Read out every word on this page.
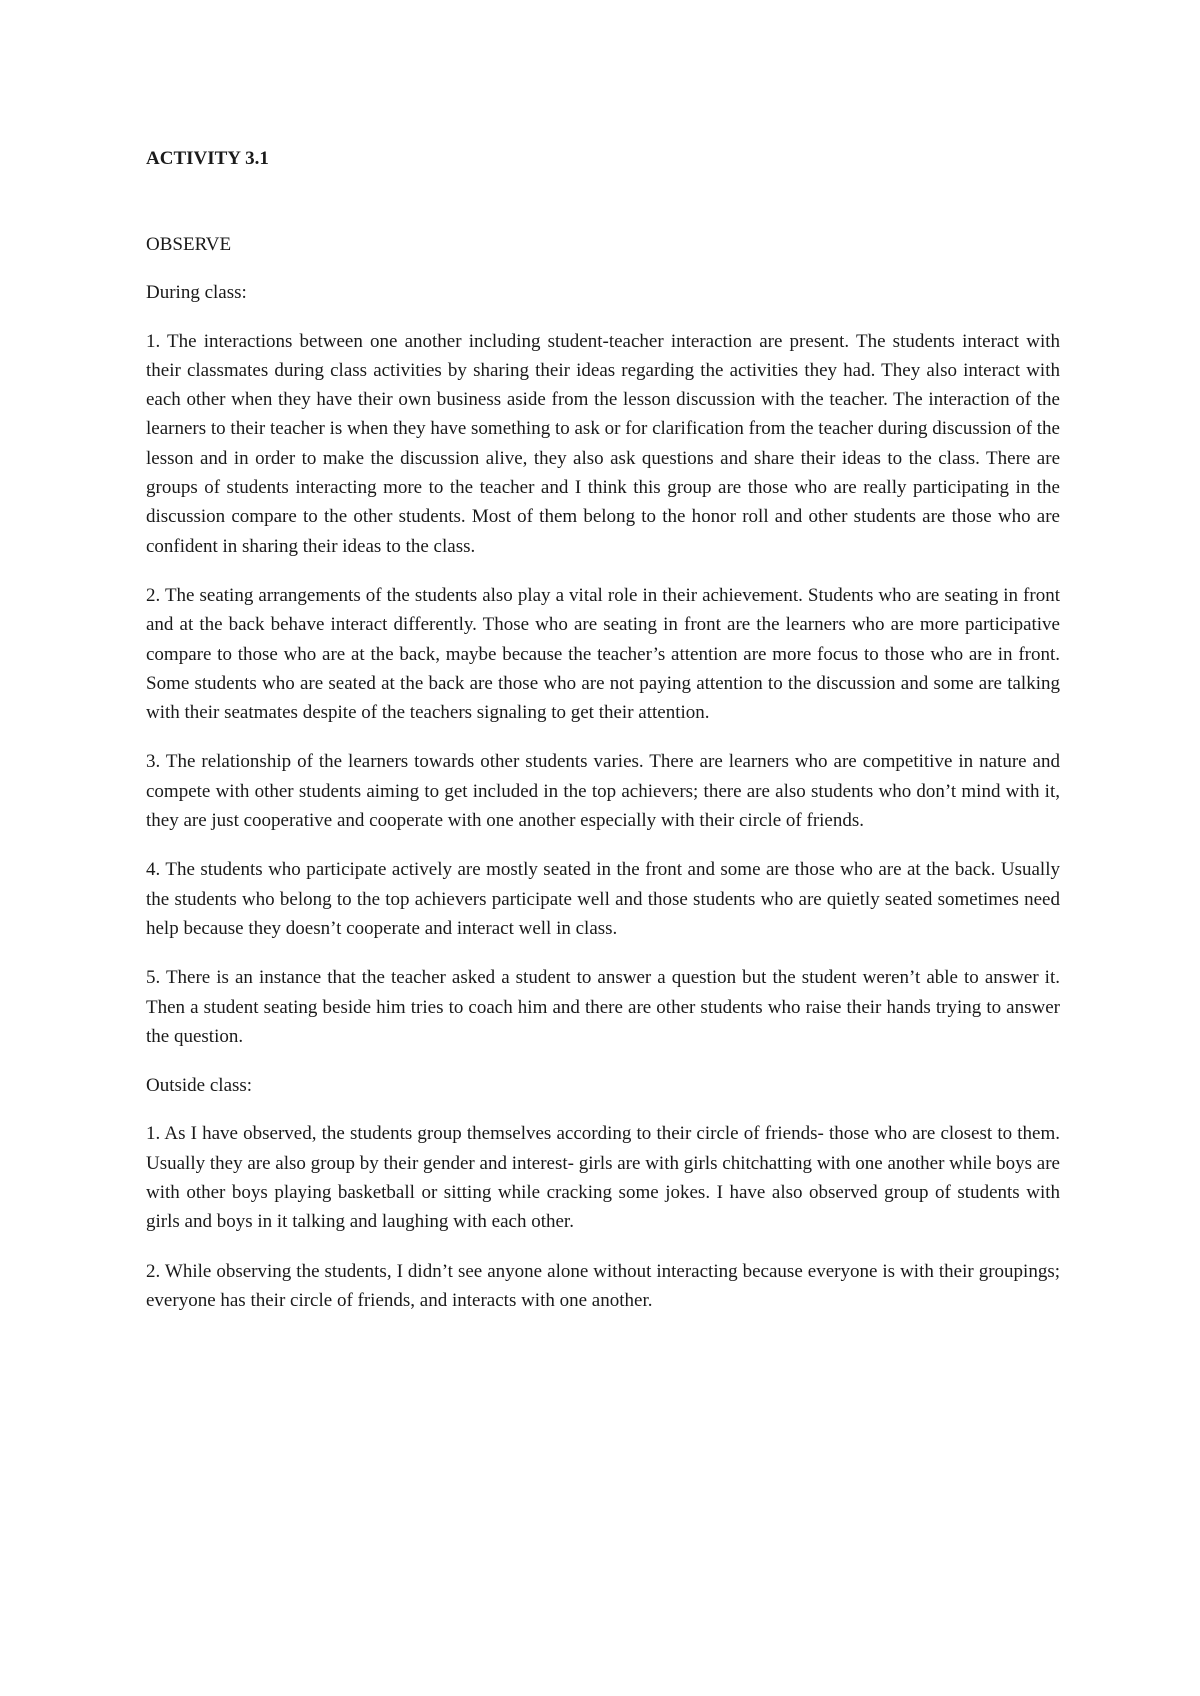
ACTIVITY 3.1

OBSERVE

During class:

1. The interactions between one another including student-teacher interaction are present. The students interact with their classmates during class activities by sharing their ideas regarding the activities they had. They also interact with each other when they have their own business aside from the lesson discussion with the teacher. The interaction of the learners to their teacher is when they have something to ask or for clarification from the teacher during discussion of the lesson and in order to make the discussion alive, they also ask questions and share their ideas to the class. There are groups of students interacting more to the teacher and I think this group are those who are really participating in the discussion compare to the other students. Most of them belong to the honor roll and other students are those who are confident in sharing their ideas to the class.

2. The seating arrangements of the students also play a vital role in their achievement. Students who are seating in front and at the back behave interact differently. Those who are seating in front are the learners who are more participative compare to those who are at the back, maybe because the teacher’s attention are more focus to those who are in front. Some students who are seated at the back are those who are not paying attention to the discussion and some are talking with their seatmates despite of the teachers signaling to get their attention.

3. The relationship of the learners towards other students varies. There are learners who are competitive in nature and compete with other students aiming to get included in the top achievers; there are also students who don’t mind with it, they are just cooperative and cooperate with one another especially with their circle of friends.

4. The students who participate actively are mostly seated in the front and some are those who are at the back. Usually the students who belong to the top achievers participate well and those students who are quietly seated sometimes need help because they doesn’t cooperate and interact well in class.

5. There is an instance that the teacher asked a student to answer a question but the student weren’t able to answer it. Then a student seating beside him tries to coach him and there are other students who raise their hands trying to answer the question.

Outside class:

1. As I have observed, the students group themselves according to their circle of friends- those who are closest to them. Usually they are also group by their gender and interest- girls are with girls chitchatting with one another while boys are with other boys playing basketball or sitting while cracking some jokes. I have also observed group of students with girls and boys in it talking and laughing with each other.

2. While observing the students, I didn’t see anyone alone without interacting because everyone is with their groupings; everyone has their circle of friends, and interacts with one another.
